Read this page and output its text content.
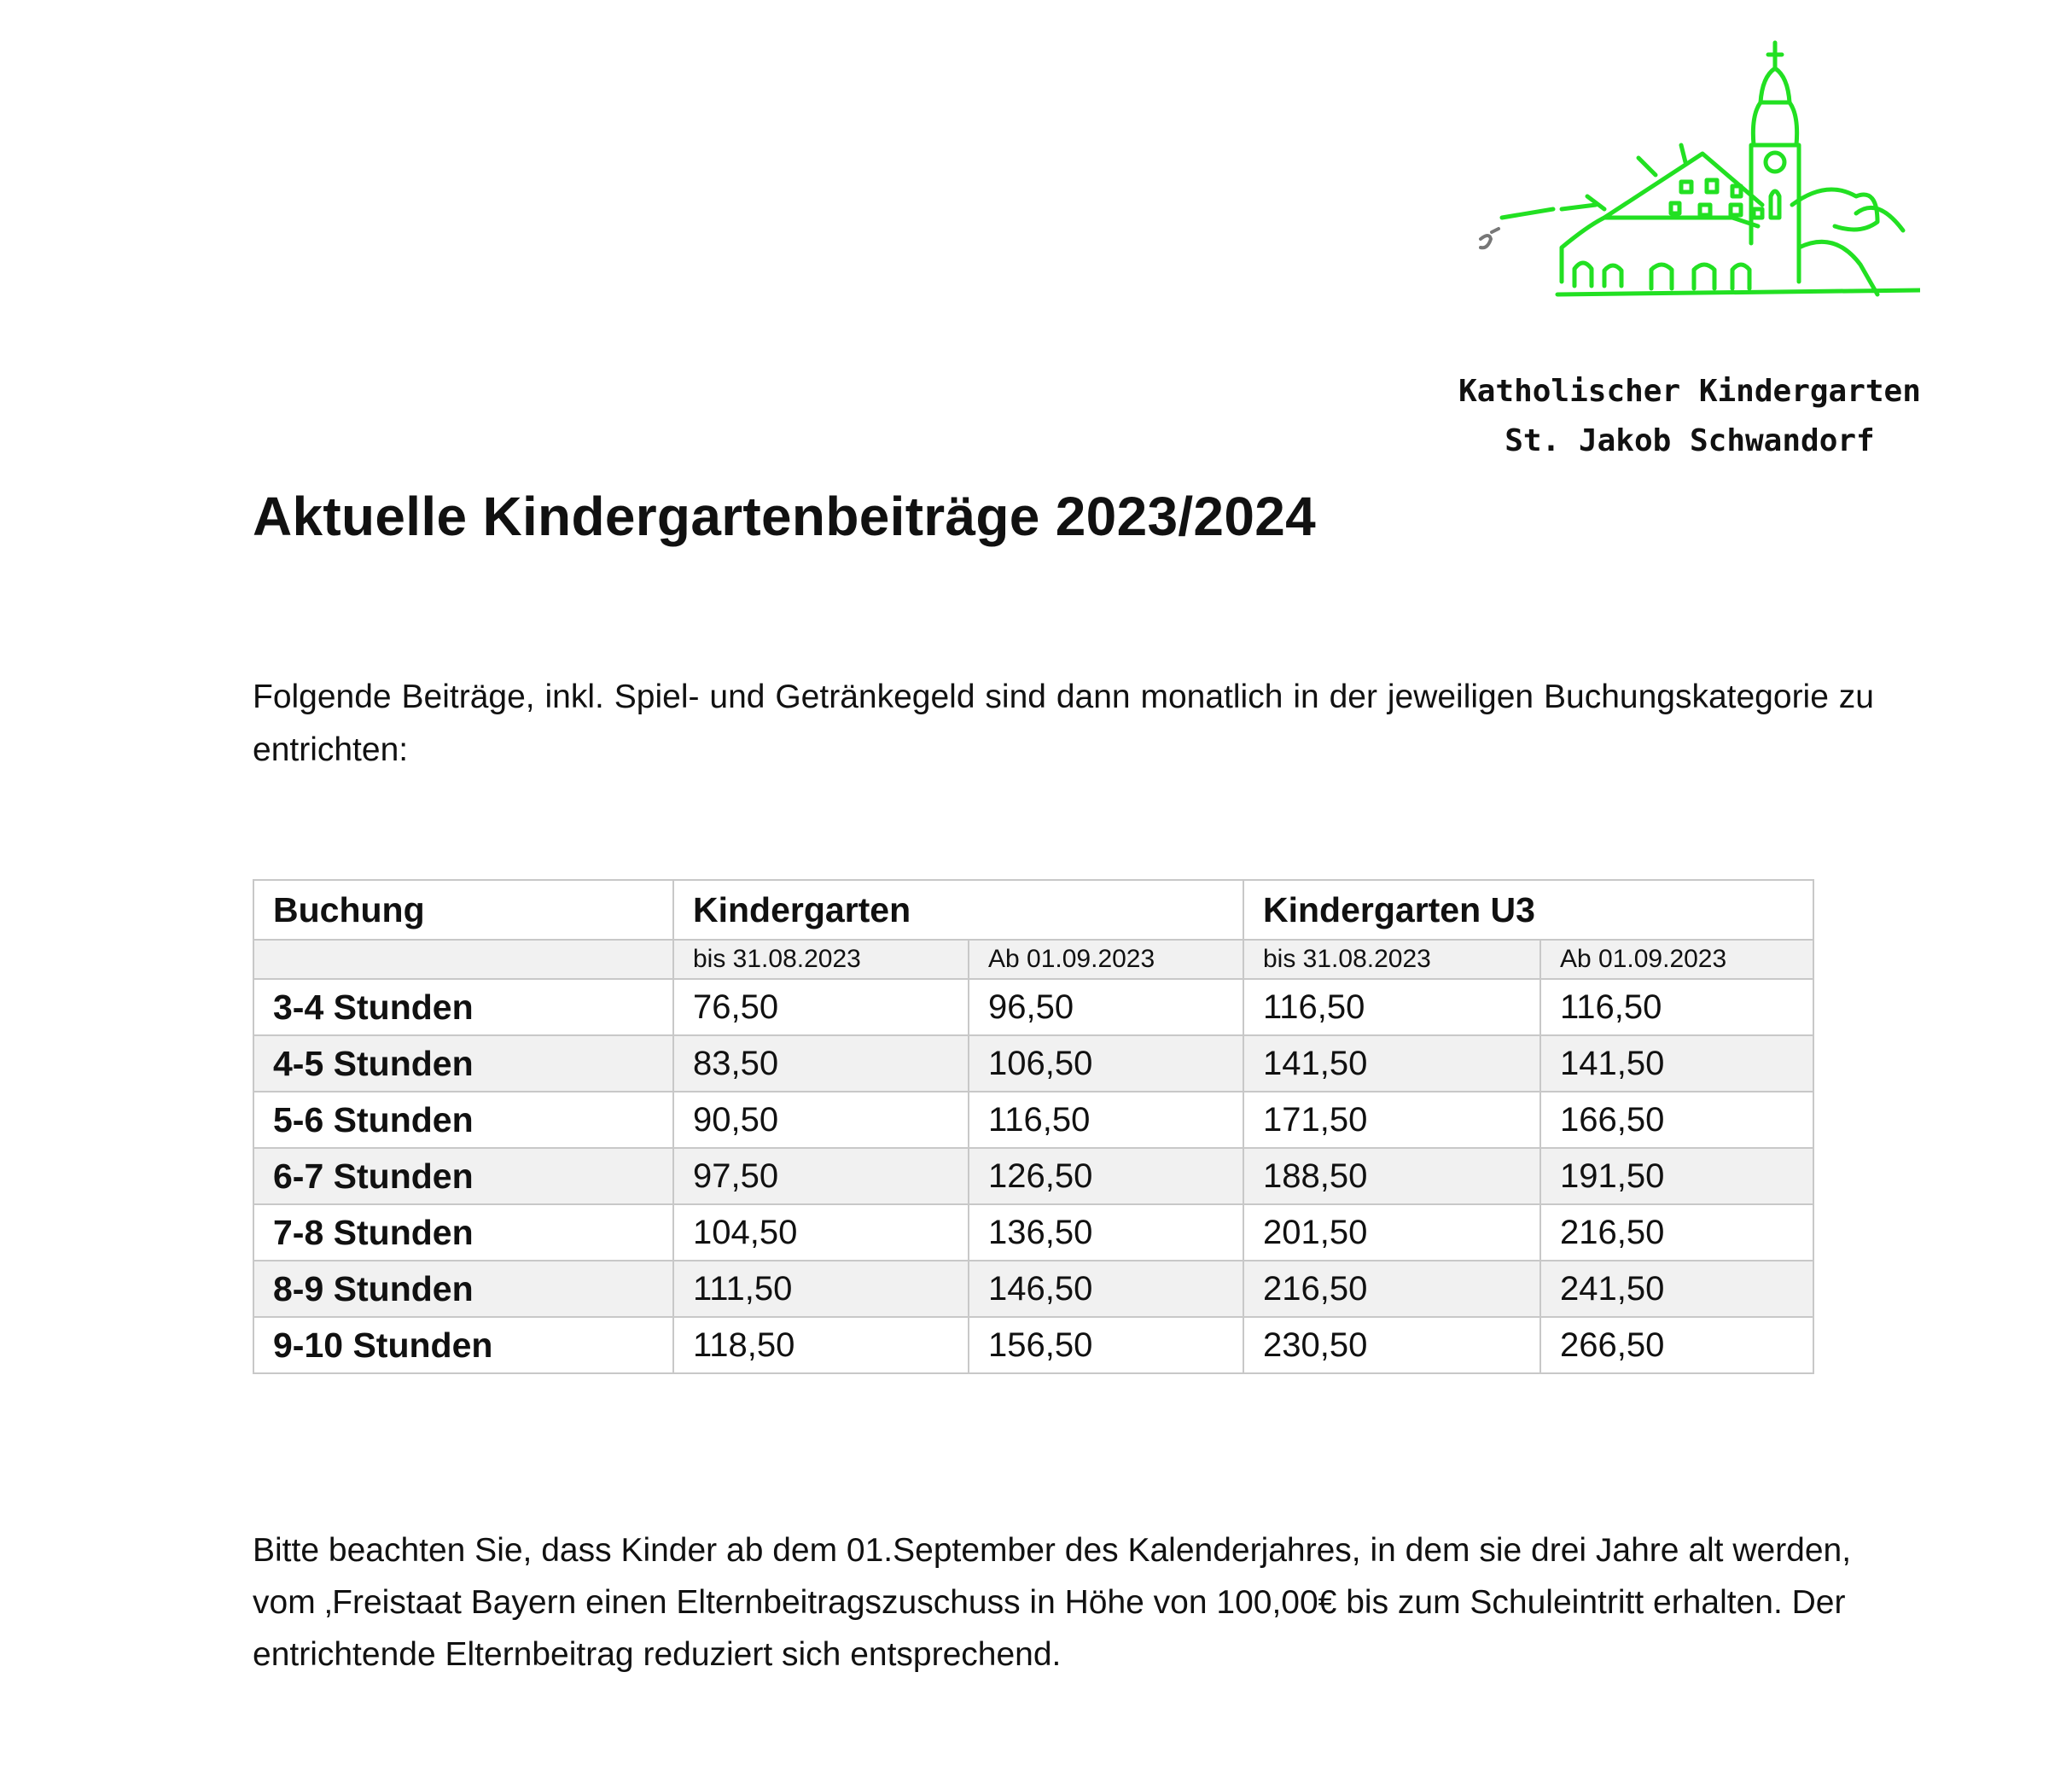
Katholischer Kindergarten
St. Jakob Schwandorf
Aktuelle Kindergartenbeiträge 2023/2024

Folgende Beiträge, inkl. Spiel- und Getränkegeld sind dann monatlich in der jeweiligen Buchungskategorie zu entrichten:

Buchung	Kindergarten		Kindergarten U3	
	bis 31.08.2023	Ab 01.09.2023	bis 31.08.2023	Ab 01.09.2023
3-4 Stunden	76,50	96,50	116,50	116,50
4-5 Stunden	83,50	106,50	141,50	141,50
5-6 Stunden	90,50	116,50	171,50	166,50
6-7 Stunden	97,50	126,50	188,50	191,50
7-8 Stunden	104,50	136,50	201,50	216,50
8-9 Stunden	111,50	146,50	216,50	241,50
9-10 Stunden	118,50	156,50	230,50	266,50

Bitte beachten Sie, dass Kinder ab dem 01.September des Kalenderjahres, in dem sie drei Jahre alt werden, vom ‚Freistaat Bayern einen Elternbeitragszuschuss in Höhe von 100,00€ bis zum Schuleintritt erhalten. Der entrichtende Elternbeitrag reduziert sich entsprechend.
